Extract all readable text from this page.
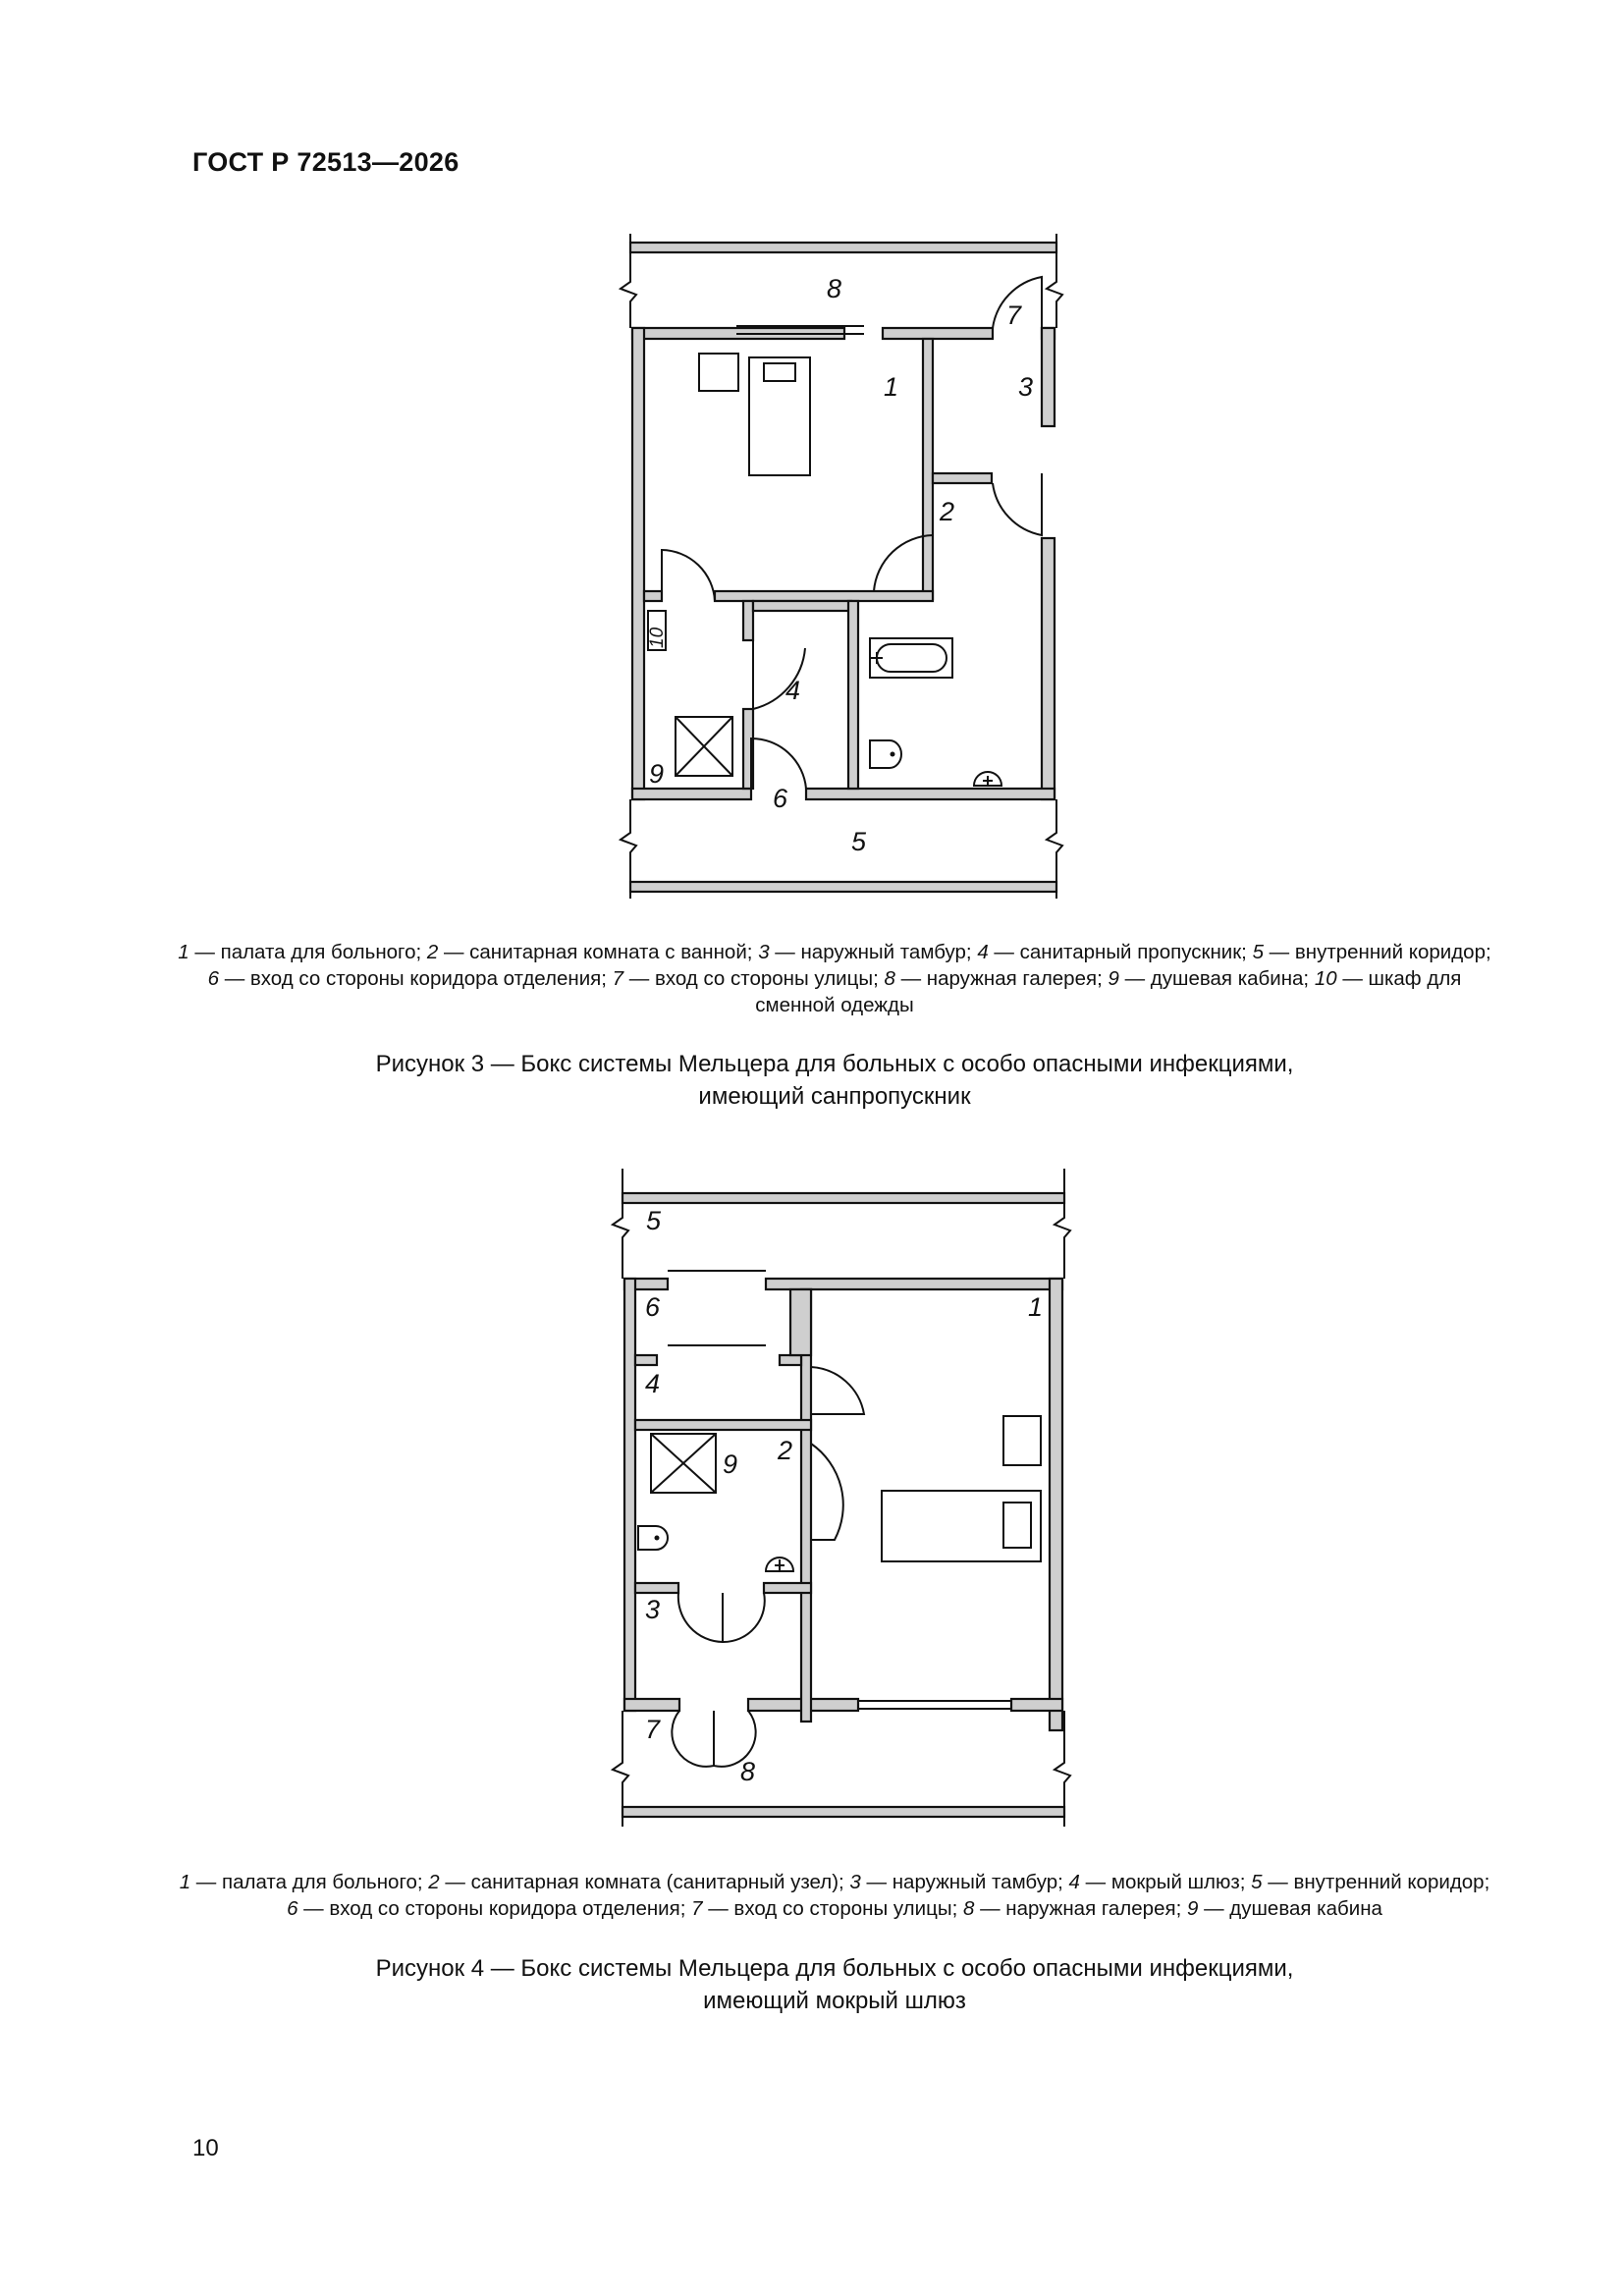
ГОСТ Р 72513—2026
8
7
1	3
2
4
9
6
5
10
1 — палата для больного; 2 — санитарная комната с ванной; 3 — наружный тамбур; 4 — санитарный пропускник; 5 — внутренний коридор; 6 — вход со стороны коридора отделения; 7 — вход со стороны улицы; 8 — наружная галерея; 9 — душевая кабина; 10 — шкаф для сменной одежды
Рисунок 3 — Бокс системы Мельцера для больных с особо опасными инфекциями,
имеющий санпропускник
5
6	1
4
2
9
3
7
8
1 — палата для больного; 2 — санитарная комната (санитарный узел); 3 — наружный тамбур; 4 — мокрый шлюз; 5 — внутренний коридор; 6 — вход со стороны коридора отделения; 7 — вход со стороны улицы; 8 — наружная галерея; 9 — душевая кабина
Рисунок 4 — Бокс системы Мельцера для больных с особо опасными инфекциями,
имеющий мокрый шлюз
10
